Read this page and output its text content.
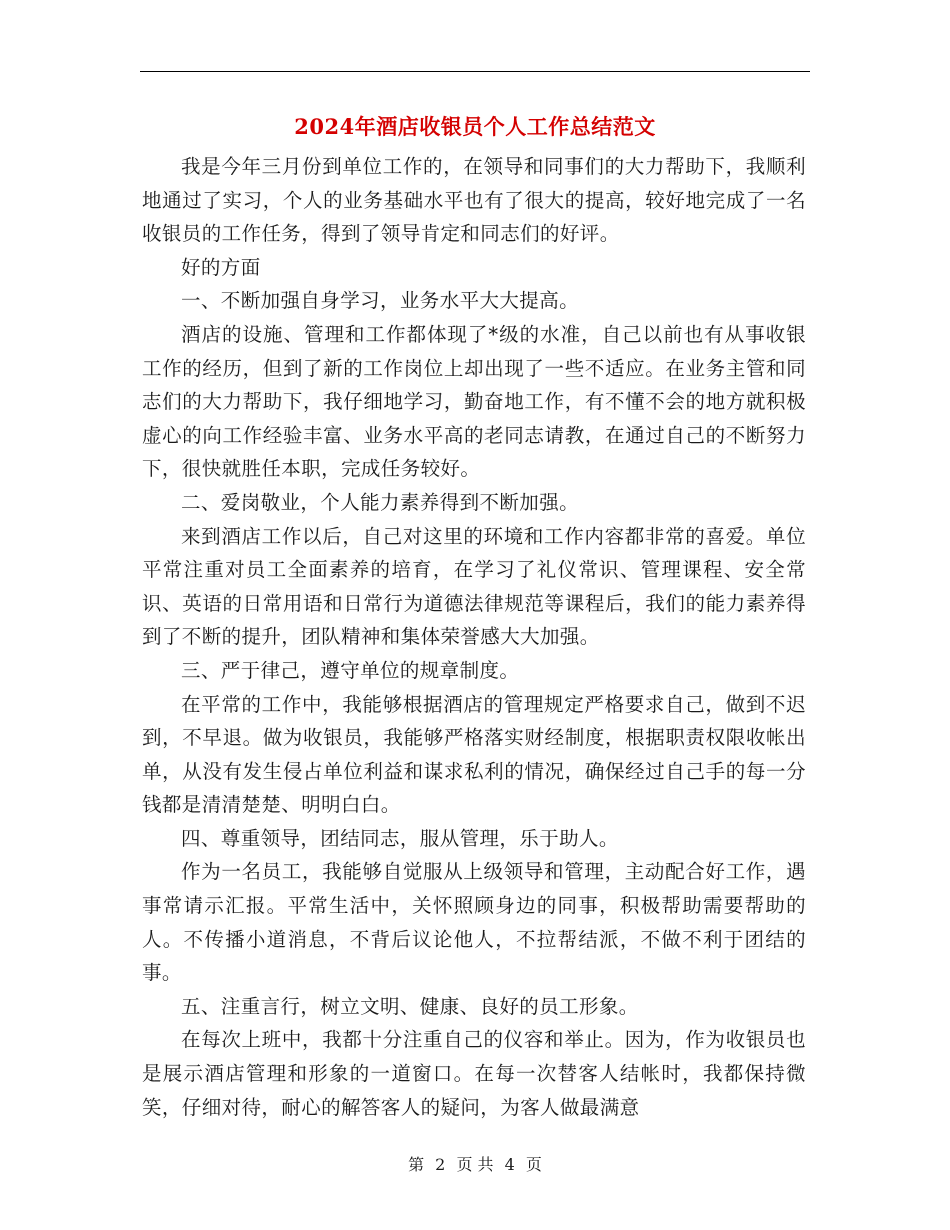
2024年酒店收银员个人工作总结范文

我是今年三月份到单位工作的，在领导和同事们的大力帮助下，我顺利地通过了实习，个人的业务基础水平也有了很大的提高，较好地完成了一名收银员的工作任务，得到了领导肯定和同志们的好评。

好的方面

一、不断加强自身学习，业务水平大大提高。

酒店的设施、管理和工作都体现了*级的水准，自己以前也有从事收银工作的经历，但到了新的工作岗位上却出现了一些不适应。在业务主管和同志们的大力帮助下，我仔细地学习，勤奋地工作，有不懂不会的地方就积极虚心的向工作经验丰富、业务水平高的老同志请教，在通过自己的不断努力下，很快就胜任本职，完成任务较好。

二、爱岗敬业，个人能力素养得到不断加强。

来到酒店工作以后，自己对这里的环境和工作内容都非常的喜爱。单位平常注重对员工全面素养的培育，在学习了礼仪常识、管理课程、安全常识、英语的日常用语和日常行为道德法律规范等课程后，我们的能力素养得到了不断的提升，团队精神和集体荣誉感大大加强。

三、严于律己，遵守单位的规章制度。

在平常的工作中，我能够根据酒店的管理规定严格要求自己，做到不迟到，不早退。做为收银员，我能够严格落实财经制度，根据职责权限收帐出单，从没有发生侵占单位利益和谋求私利的情况，确保经过自己手的每一分钱都是清清楚楚、明明白白。

四、尊重领导，团结同志，服从管理，乐于助人。

作为一名员工，我能够自觉服从上级领导和管理，主动配合好工作，遇事常请示汇报。平常生活中，关怀照顾身边的同事，积极帮助需要帮助的人。不传播小道消息，不背后议论他人，不拉帮结派，不做不利于团结的事。

五、注重言行，树立文明、健康、良好的员工形象。

在每次上班中，我都十分注重自己的仪容和举止。因为，作为收银员也是展示酒店管理和形象的一道窗口。在每一次替客人结帐时，我都保持微笑，仔细对待，耐心的解答客人的疑问，为客人做最满意

第 2 页 共 4 页
